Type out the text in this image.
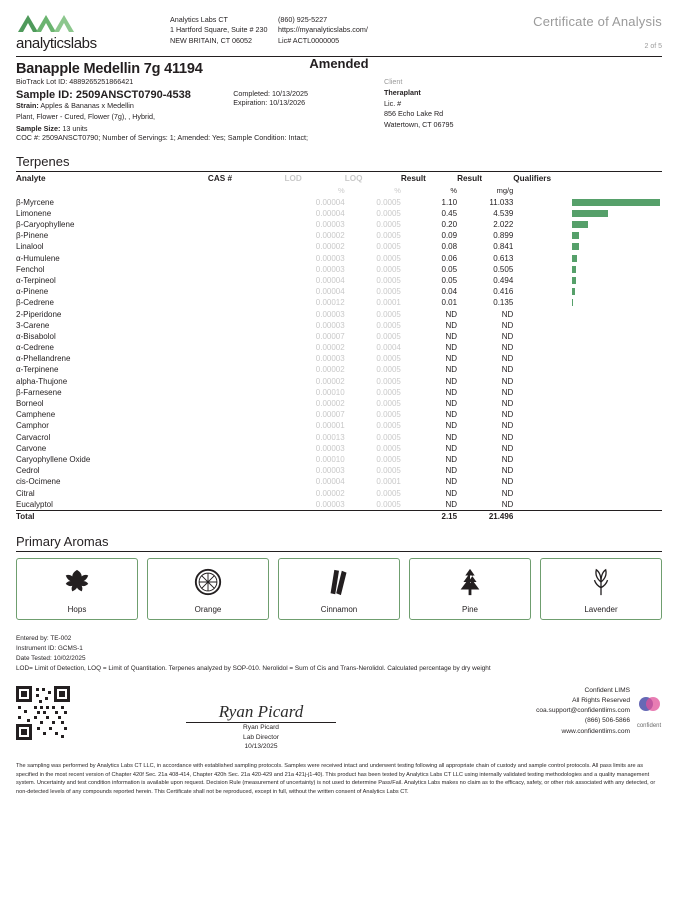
analyticslabs
Analytics Labs CT
1 Hartford Square, Suite # 230
NEW BRITAIN, CT 06052
(860) 925-5227
https://myanalyticslabs.com/
Lic# ACTL0000005
Certificate of Analysis
2 of 5
Amended
Banapple Medellin 7g 41194
BioTrack Lot ID: 4889265251866421
Sample ID: 2509ANSCT0790-4538
Strain: Apples & Bananas x Medellin
Plant, Flower - Cured, Flower (7g), , Hybrid,

Completed: 10/13/2025
Expiration: 10/13/2026
Client
Theraplant
Lic. #
856 Echo Lake Rd
Watertown, CT 06795
Sample Size: 13 units
COC #: 2509ANSCT0790; Number of Servings: 1; Amended: Yes; Sample Condition: Intact;
Terpenes
Analyte	CAS #	LOD	LOQ	Result	Result	Qualifiers	
		%	%	%	mg/g		
β-Myrcene		0.00004	0.0005	1.10	11.033		

Limonene		0.00004	0.0005	0.45	4.539		

β-Caryophyllene		0.00003	0.0005	0.20	2.022		

β-Pinene		0.00002	0.0005	0.09	0.899		

Linalool		0.00002	0.0005	0.08	0.841		

α-Humulene		0.00003	0.0005	0.06	0.613		

Fenchol		0.00003	0.0005	0.05	0.505		

α-Terpineol		0.00004	0.0005	0.05	0.494		

α-Pinene		0.00004	0.0005	0.04	0.416		

β-Cedrene		0.00012	0.0001	0.01	0.135		

2-Piperidone		0.00003	0.0005	ND	ND		
3-Carene		0.00003	0.0005	ND	ND		
α-Bisabolol		0.00007	0.0005	ND	ND		
α-Cedrene		0.00002	0.0004	ND	ND		
α-Phellandrene		0.00003	0.0005	ND	ND		
α-Terpinene		0.00002	0.0005	ND	ND		
alpha-Thujone		0.00002	0.0005	ND	ND		
β-Farnesene		0.00010	0.0005	ND	ND		
Borneol		0.00002	0.0005	ND	ND		
Camphene		0.00007	0.0005	ND	ND		
Camphor		0.00001	0.0005	ND	ND		
Carvacrol		0.00013	0.0005	ND	ND		
Carvone		0.00003	0.0005	ND	ND		
Caryophyllene Oxide		0.00010	0.0005	ND	ND		
Cedrol		0.00003	0.0005	ND	ND		
cis-Ocimene		0.00004	0.0001	ND	ND		
Citral		0.00002	0.0005	ND	ND		
Eucalyptol		0.00003	0.0005	ND	ND		
Total				2.15	21.496		
Primary Aromas
Hops	Orange	Cinnamon	Pine	Lavender
Entered by: TE-002
Instrument ID: GCMS-1
Date Tested: 10/02/2025
LOD= Limit of Detection, LOQ = Limit of Quantitation. Terpenes analyzed by SOP-010. Nerolidol = Sum of Cis and Trans-Nerolidol. Calculated percentage by dry weight
Ryan Picard
Ryan Picard
Lab Director
10/13/2025
Confident LIMS
All Rights Reserved
coa.support@confidentlims.com
(866) 506-5866
www.confidentlims.com
confident
The sampling was performed by Analytics Labs CT LLC, in accordance with established sampling protocols. Samples were received intact and underwent testing following all appropriate chain of custody and sample control protocols. All pass limits are as specified in the most recent version of Chapter 420f Sec. 21a 408-414, Chapter 420h Sec. 21a 420-429 and 21a 421j-j1-40). This product has been tested by Analytics Labs CT LLC using internally validated testing methodologies and a quality management system. Uncertainty and test condition information is available upon request. Decision Rule (measurement of uncertainty) is not used to determine Pass/Fail. Analytics Labs makes no claim as to the efficacy, safety, or other risk associated with any detected, or non-detected levels of any compounds reported herein. This Certificate shall not be reproduced, except in full, without the written consent of Analytics Labs CT.
